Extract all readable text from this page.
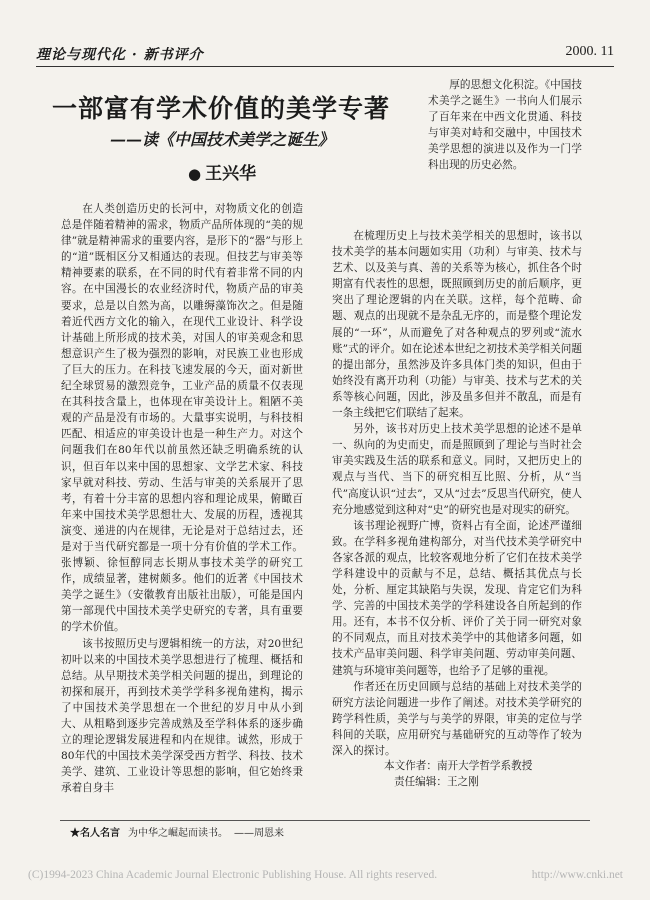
理论与现代化 · 新书评介	2000. 11

厚的思想文化积淀。《中国技术美学之诞生》一书向人们展示了百年来在中西文化贯通、科技与审美对峙和交融中，中国技术美学思想的演进以及作为一门学科出现的历史必然。

一部富有学术价值的美学专著
——读《中国技术美学之诞生》
● 王兴华

在人类创造历史的长河中，对物质文化的创造总是伴随着精神的需求，物质产品所体现的“美的规律”就是精神需求的重要内容，是形下的“器”与形上的“道”既相区分又相通达的表现。但技艺与审美等精神要素的联系，在不同的时代有着非常不同的内容。在中国漫长的农业经济时代，物质产品的审美要求，总是以自然为高，以雕缛藻饰次之。但是随着近代西方文化的输入，在现代工业设计、科学设计基础上所形成的技术美，对国人的审美观念和思想意识产生了极为强烈的影响，对民族工业也形成了巨大的压力。在科技飞速发展的今天，面对新世纪全球贸易的激烈竞争，工业产品的质量不仅表现在其科技含量上，也体现在审美设计上。粗陋不美观的产品是没有市场的。大量事实说明，与科技相匹配、相适应的审美设计也是一种生产力。对这个问题我们在80年代以前虽然还缺乏明确系统的认识，但百年以来中国的思想家、文学艺术家、科技家早就对科技、劳动、生活与审美的关系展开了思考，有着十分丰富的思想内容和理论成果，俯瞰百年来中国技术美学思想壮大、发展的历程，透视其演变、递进的内在规律，无论是对于总结过去，还是对于当代研究都是一项十分有价值的学术工作。张博颖、徐恒醇同志长期从事技术美学的研究工作，成绩显著，建树颇多。他们的近著《中国技术美学之诞生》（安徽教育出版社出版），可能是国内第一部现代中国技术美学史研究的专著，具有重要的学术价值。

该书按照历史与逻辑相统一的方法，对20世纪初叶以来的中国技术美学思想进行了梳理、概括和总结。从早期技术美学相关问题的提出，到理论的初探和展开，再到技术美学学科多视角建构，揭示了中国技术美学思想在一个世纪的岁月中从小到大、从粗略到逐步完善成熟及至学科体系的逐步确立的理论逻辑发展进程和内在规律。诚然，形成于80年代的中国技术美学深受西方哲学、科技、技术美学、建筑、工业设计等思想的影响，但它始终秉承着自身丰

在梳理历史上与技术美学相关的思想时，该书以技术美学的基本问题如实用（功利）与审美、技术与艺术、以及美与真、善的关系等为核心，抓住各个时期富有代表性的思想，既照顾到历史的前后顺序，更突出了理论逻辑的内在关联。这样，每个范畴、命题、观点的出现就不是杂乱无序的，而是整个理论发展的“一环”，从而避免了对各种观点的罗列或“流水账”式的评介。如在论述本世纪之初技术美学相关问题的提出部分，虽然涉及许多具体门类的知识，但由于始终没有离开功利（功能）与审美、技术与艺术的关系等核心问题，因此，涉及虽多但并不散乱，而是有一条主线把它们联结了起来。

另外，该书对历史上技术美学思想的论述不是单一、纵向的为史而史，而是照顾到了理论与当时社会审美实践及生活的联系和意义。同时，又把历史上的观点与当代、当下的研究相互比照、分析，从“当代”高度认识“过去”，又从“过去”反思当代研究，使人充分地感觉到这种对“史”的研究也是对现实的研究。

该书理论视野广博，资料占有全面，论述严谨细致。在学科多视角建构部分，对当代技术美学研究中各家各派的观点，比较客观地分析了它们在技术美学学科建设中的贡献与不足，总结、概括其优点与长处，分析、厘定其缺陷与失误，发现、肯定它们为科学、完善的中国技术美学的学科建设各自所起到的作用。还有，本书不仅分析、评价了关于同一研究对象的不同观点，而且对技术美学中的其他诸多问题，如技术产品审美问题、科学审美问题、劳动审美问题、建筑与环境审美问题等，也给予了足够的重视。

作者还在历史回顾与总结的基础上对技术美学的研究方法论问题进一步作了阐述。对技术美学研究的跨学科性质，美学与与美学的界限，审美的定位与学科间的关联，应用研究与基础研究的互动等作了较为深入的探讨。

本文作者：南开大学哲学系教授
责任编辑：王之刚
★名人名言 为中华之崛起而读书。 ——周恩来
(C)1994-2023 China Academic Journal Electronic Publishing House. All rights reserved.	http://www.cnki.net
